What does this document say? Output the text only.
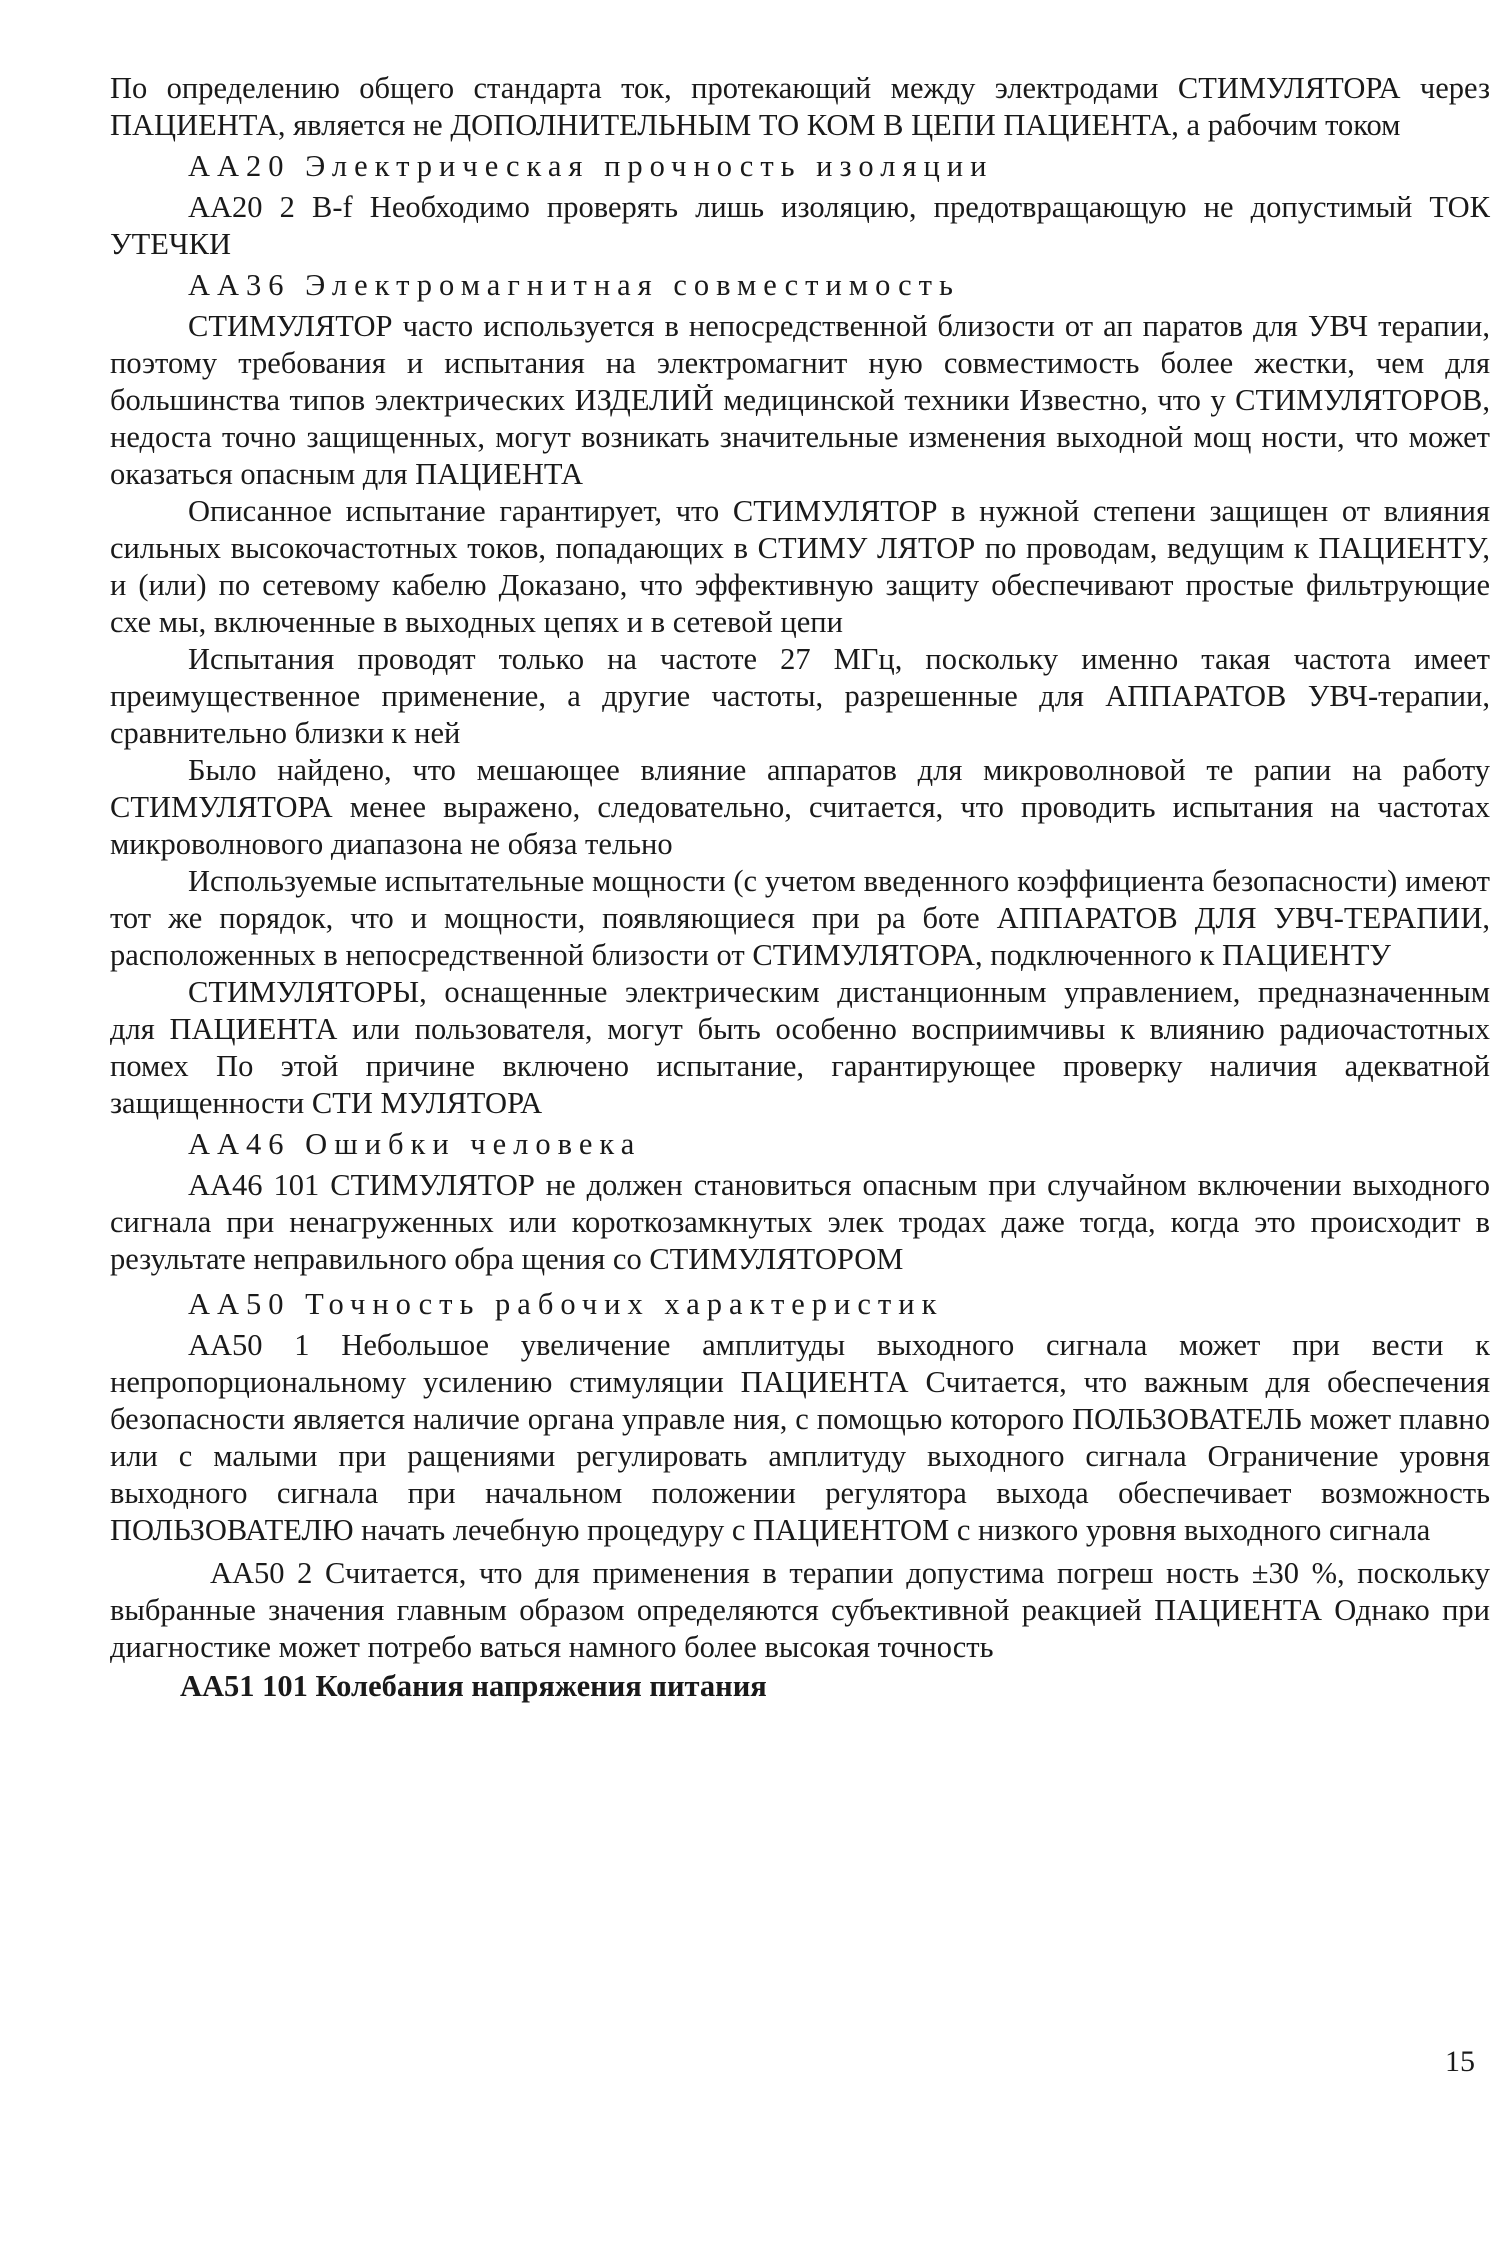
По определению общего стандарта ток, протекающий между электродами СТИМУЛЯТОРА через ПАЦИЕНТА, является не ДОПОЛНИТЕЛЬНЫМ ТО КОМ В ЦЕПИ ПАЦИЕНТА, а рабочим током

АА20 Электрическая прочность изоляции

АА20 2 B-f Необходимо проверять лишь изоляцию, предотвращающую не допустимый ТОК УТЕЧКИ

АА36 Электромагнитная совместимость

СТИМУЛЯТОР часто используется в непосредственной близости от ап паратов для УВЧ терапии, поэтому требования и испытания на электромагнит ную совместимость более жестки, чем для большинства типов электрических ИЗДЕЛИЙ медицинской техники Известно, что у СТИМУЛЯТОРОВ, недоста точно защищенных, могут возникать значительные изменения выходной мощ ности, что может оказаться опасным для ПАЦИЕНТА

Описанное испытание гарантирует, что СТИМУЛЯТОР в нужной степени защищен от влияния сильных высокочастотных токов, попадающих в СТИМУ ЛЯТОР по проводам, ведущим к ПАЦИЕНТУ, и (или) по сетевому кабелю Доказано, что эффективную защиту обеспечивают простые фильтрующие схе мы, включенные в выходных цепях и в сетевой цепи

Испытания проводят только на частоте 27 МГц, поскольку именно такая частота имеет преимущественное применение, а другие частоты, разрешенные для АППАРАТОВ УВЧ-терапии, сравнительно близки к ней

Было найдено, что мешающее влияние аппаратов для микроволновой те рапии на работу СТИМУЛЯТОРА менее выражено, следовательно, считается, что проводить испытания на частотах микроволнового диапазона не обяза тельно

Используемые испытательные мощности (с учетом введенного коэффициента безопасности) имеют тот же порядок, что и мощности, появляющиеся при ра боте АППАРАТОВ ДЛЯ УВЧ-ТЕРАПИИ, расположенных в непосредственной близости от СТИМУЛЯТОРА, подключенного к ПАЦИЕНТУ

СТИМУЛЯТОРЫ, оснащенные электрическим дистанционным управлением, предназначенным для ПАЦИЕНТА или пользователя, могут быть особенно восприимчивы к влиянию радиочастотных помех По этой причине включено испытание, гарантирующее проверку наличия адекватной защищенности СТИ МУЛЯТОРА

АА46 Ошибки человека

АА46 101 СТИМУЛЯТОР не должен становиться опасным при случайном включении выходного сигнала при ненагруженных или короткозамкнутых элек тродах даже тогда, когда это происходит в результате неправильного обра щения со СТИМУЛЯТОРОМ

АА50 Точность рабочих характеристик

АА50 1 Небольшое увеличение амплитуды выходного сигнала может при вести к непропорциональному усилению стимуляции ПАЦИЕНТА Считается, что важным для обеспечения безопасности является наличие органа управле ния, с помощью которого ПОЛЬЗОВАТЕЛЬ может плавно или с малыми при ращениями регулировать амплитуду выходного сигнала Ограничение уровня выходного сигнала при начальном положении регулятора выхода обеспечивает возможность ПОЛЬЗОВАТЕЛЮ начать лечебную процедуру с ПАЦИЕНТОМ с низкого уровня выходного сигнала

АА50 2 Считается, что для применения в терапии допустима погреш ность ±30 %, поскольку выбранные значения главным образом определяются субъективной реакцией ПАЦИЕНТА Однако при диагностике может потребо ваться намного более высокая точность

АА51 101 Колебания напряжения питания

15
